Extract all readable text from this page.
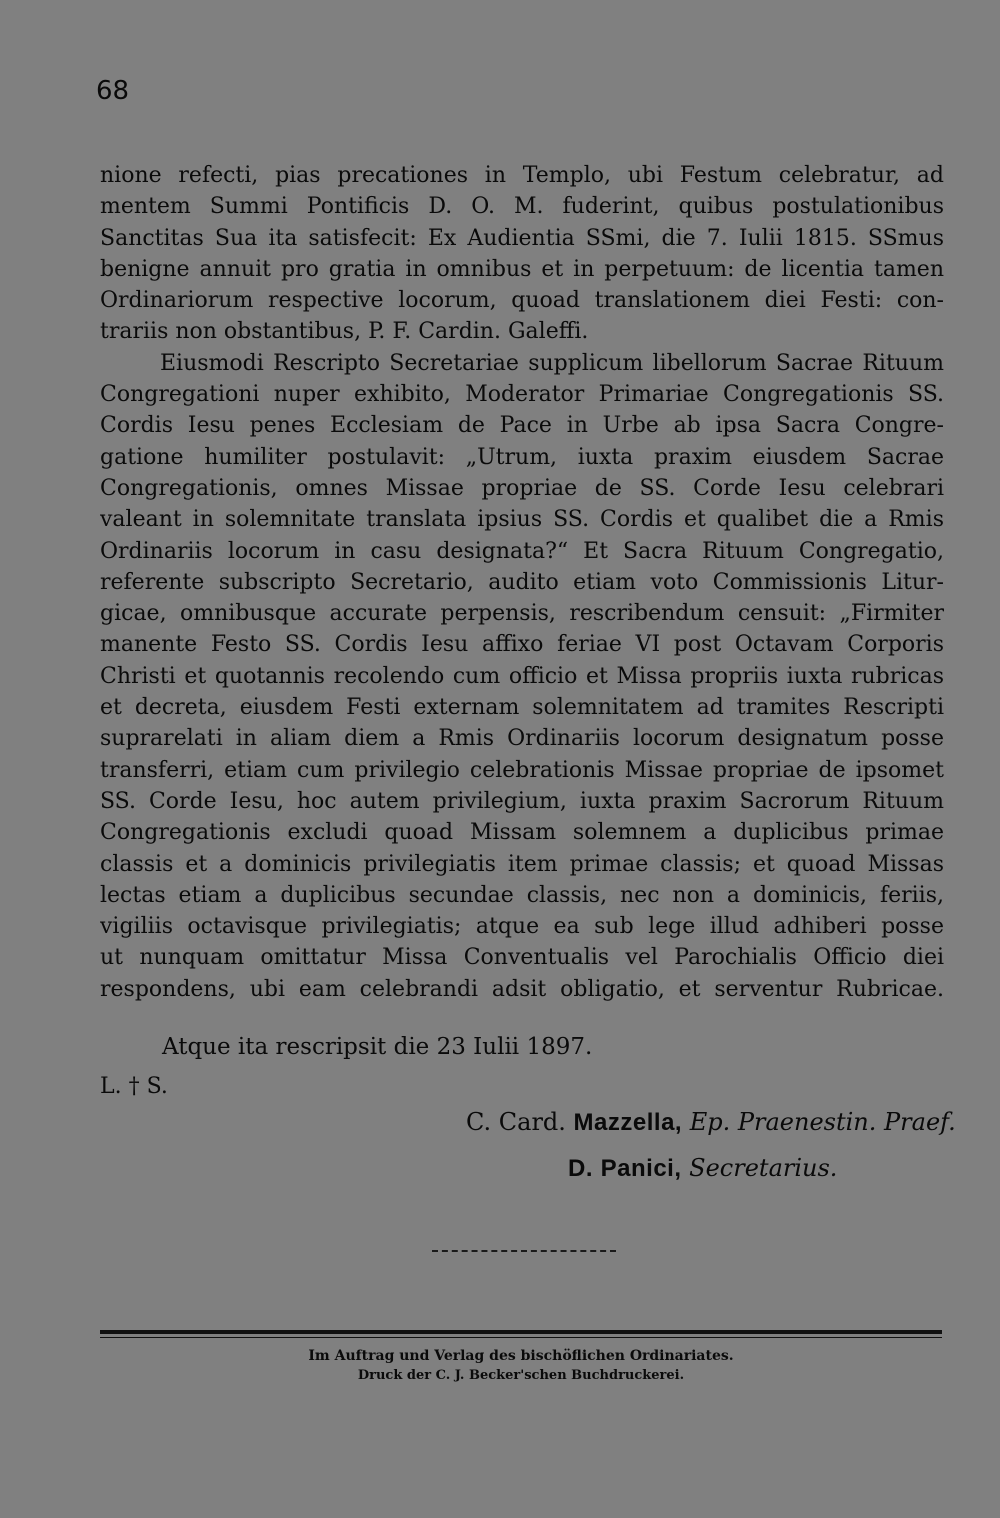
68
nione refecti, pias precationes in Templo, ubi Festum celebratur, ad
mentem Summi Pontificis D. O. M. fuderint, quibus postulationibus
Sanctitas Sua ita satisfecit: Ex Audientia SSmi, die 7. Iulii 1815. SSmus
benigne annuit pro gratia in omnibus et in perpetuum: de licentia tamen
Ordinariorum respective locorum, quoad translationem diei Festi: con-
trariis non obstantibus, P. F. Cardin. Galeffi.
Eiusmodi Rescripto Secretariae supplicum libellorum Sacrae Rituum
Congregationi nuper exhibito, Moderator Primariae Congregationis SS.
Cordis Iesu penes Ecclesiam de Pace in Urbe ab ipsa Sacra Congre-
gatione humiliter postulavit: „Utrum, iuxta praxim eiusdem Sacrae
Congregationis, omnes Missae propriae de SS. Corde Iesu celebrari
valeant in solemnitate translata ipsius SS. Cordis et qualibet die a Rmis
Ordinariis locorum in casu designata?“ Et Sacra Rituum Congregatio,
referente subscripto Secretario, audito etiam voto Commissionis Litur-
gicae, omnibusque accurate perpensis, rescribendum censuit: „Firmiter
manente Festo SS. Cordis Iesu affixo feriae VI post Octavam Corporis
Christi et quotannis recolendo cum officio et Missa propriis iuxta rubricas
et decreta, eiusdem Festi externam solemnitatem ad tramites Rescripti
suprarelati in aliam diem a Rmis Ordinariis locorum designatum posse
transferri, etiam cum privilegio celebrationis Missae propriae de ipsomet
SS. Corde Iesu, hoc autem privilegium, iuxta praxim Sacrorum Rituum
Congregationis excludi quoad Missam solemnem a duplicibus primae
classis et a dominicis privilegiatis item primae classis; et quoad Missas
lectas etiam a duplicibus secundae classis, nec non a dominicis, feriis,
vigiliis octavisque privilegiatis; atque ea sub lege illud adhiberi posse
ut nunquam omittatur Missa Conventualis vel Parochialis Officio diei
respondens, ubi eam celebrandi adsit obligatio, et serventur Rubricae.
Atque ita rescripsit die 23 Iulii 1897.
L. † S.
C. Card. Mazzella, Ep. Praenestin. Praef.
D. Panici, Secretarius.
Im Auftrag und Verlag des bischöflichen Ordinariates.
Druck der C. J. Becker'schen Buchdruckerei.
